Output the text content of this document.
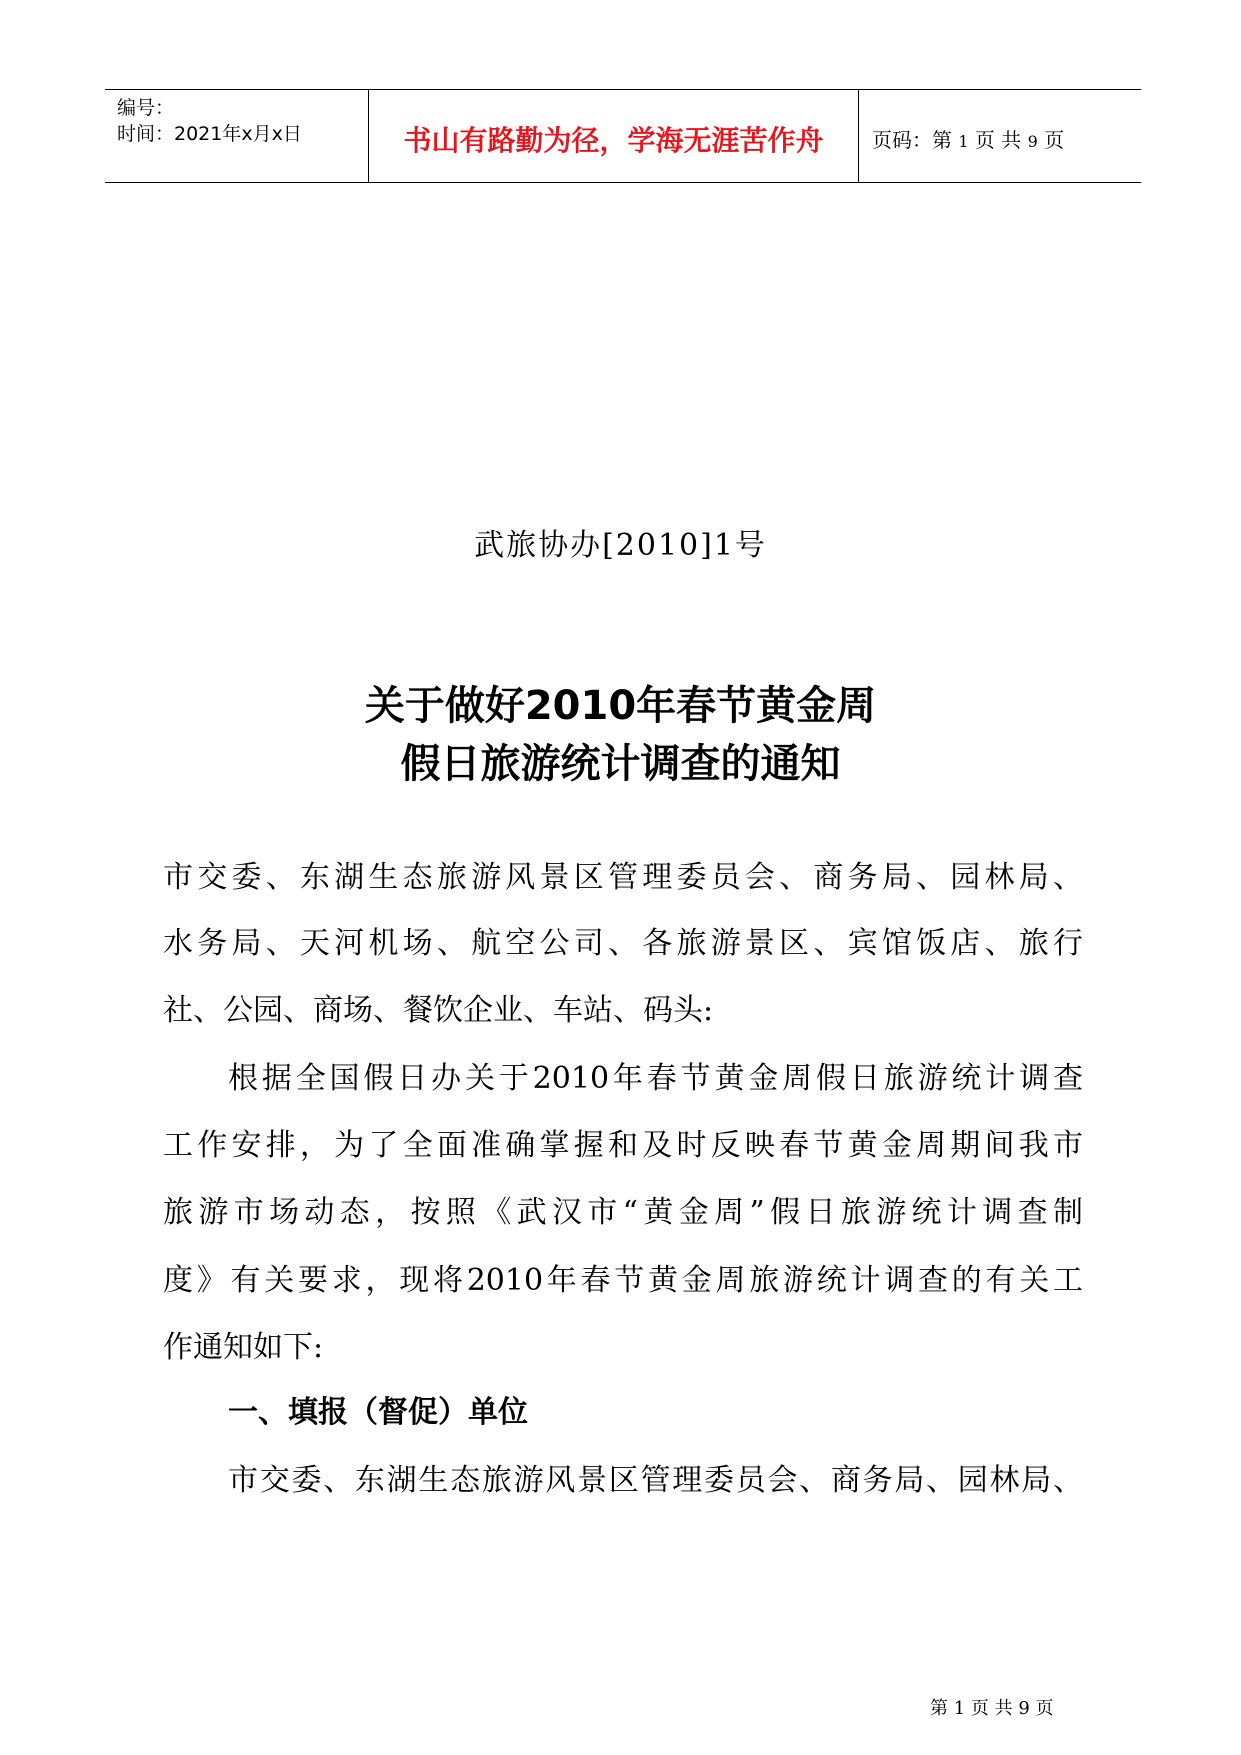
编号：
时间：2021年x月x日	书山有路勤为径，学海无涯苦作舟	页码：第 1 页 共 9 页
武旅协办[2010]1号
关于做好2010年春节黄金周
假日旅游统计调查的通知
市交委、东湖生态旅游风景区管理委员会、商务局、园林局、
水务局、天河机场、航空公司、各旅游景区、宾馆饭店、旅行
社、公园、商场、餐饮企业、车站、码头:
根据全国假日办关于2010年春节黄金周假日旅游统计调查
工作安排，为了全面准确掌握和及时反映春节黄金周期间我市
旅游市场动态，按照《武汉市“黄金周”假日旅游统计调查制
度》有关要求，现将2010年春节黄金周旅游统计调查的有关工
作通知如下:
一、填报（督促）单位
市交委、东湖生态旅游风景区管理委员会、商务局、园林局、
第 1 页 共 9 页
